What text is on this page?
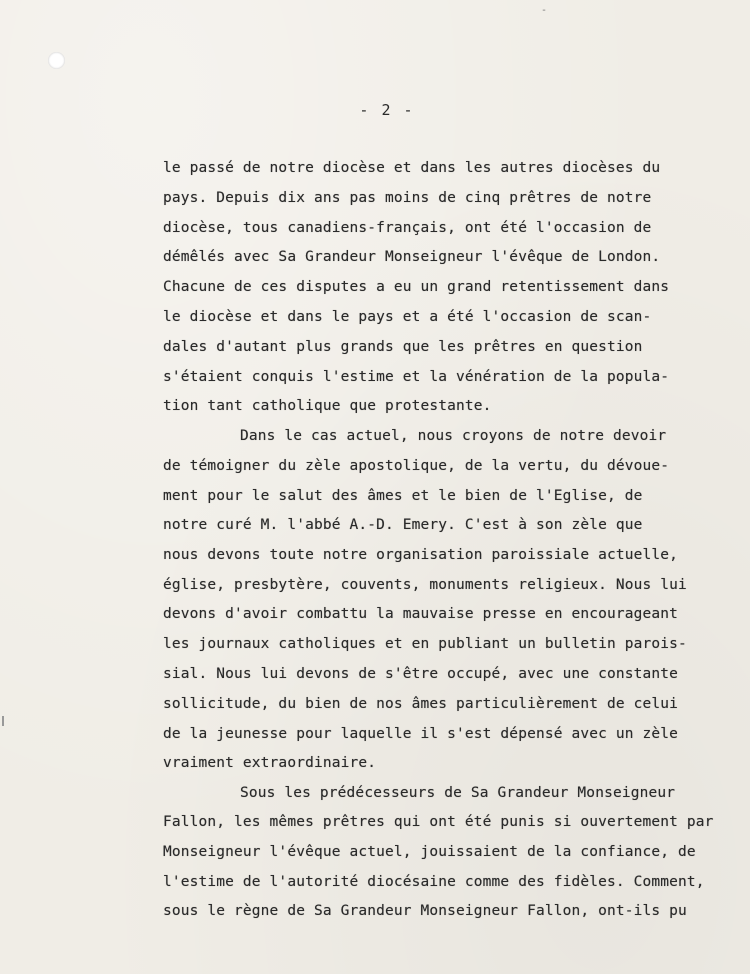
-
- 2 -
le passé de notre diocèse et dans les autres diocèses du
pays. Depuis dix ans pas moins de cinq prêtres de notre
diocèse, tous canadiens-français, ont été l'occasion de
démêlés avec Sa Grandeur Monseigneur l'évêque de London.
Chacune de ces disputes a eu un grand retentissement dans
le diocèse et dans le pays et a été l'occasion de scan-
dales d'autant plus grands que les prêtres en question
s'étaient conquis l'estime et la vénération de la popula-
tion tant catholique que protestante.
Dans le cas actuel, nous croyons de notre devoir
de témoigner du zèle apostolique, de la vertu, du dévoue-
ment pour le salut des âmes et le bien de l'Eglise, de
notre curé M. l'abbé A.-D. Emery. C'est à son zèle que
nous devons toute notre organisation paroissiale actuelle,
église, presbytère, couvents, monuments religieux. Nous lui
devons d'avoir combattu la mauvaise presse en encourageant
les journaux catholiques et en publiant un bulletin parois-
sial. Nous lui devons de s'être occupé, avec une constante
sollicitude, du bien de nos âmes particulièrement de celui
de la jeunesse pour laquelle il s'est dépensé avec un zèle
vraiment extraordinaire.
Sous les prédécesseurs de Sa Grandeur Monseigneur
Fallon, les mêmes prêtres qui ont été punis si ouvertement par
Monseigneur l'évêque actuel, jouissaient de la confiance, de
l'estime de l'autorité diocésaine comme des fidèles. Comment,
sous le règne de Sa Grandeur Monseigneur Fallon, ont-ils pu
